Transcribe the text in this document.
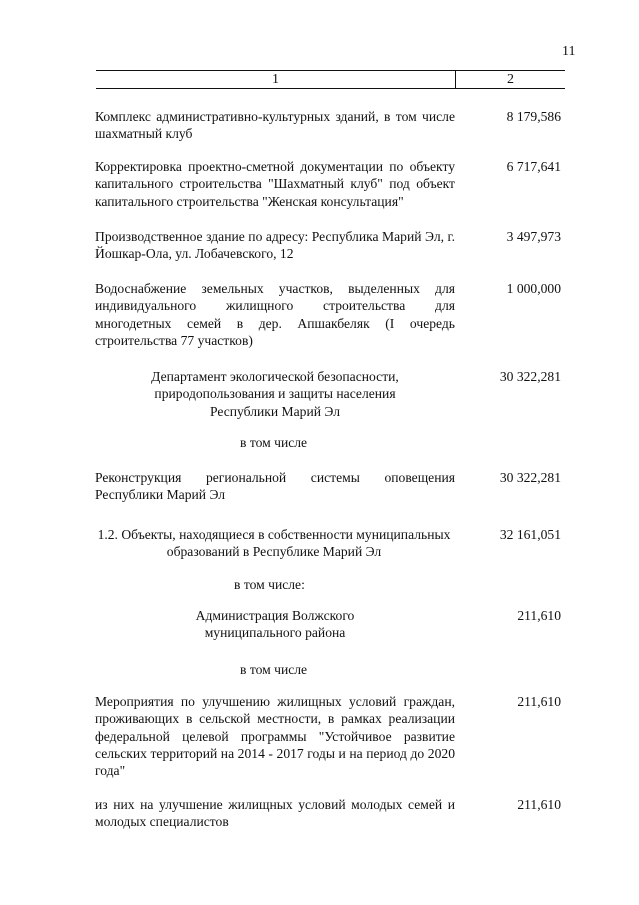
11
1	2
Комплекс административно-культурных зданий, в том числе шахматный клуб
8 179,586
Корректировка проектно-сметной документации по объекту капитального строительства "Шахматный клуб" под объект капитального строительства "Женская консультация"
6 717,641
Производственное здание по адресу: Республика Марий Эл, г. Йошкар-Ола, ул. Лобачевского, 12
3 497,973
Водоснабжение земельных участков, выделенных для индивидуального жилищного строительства для многодетных семей в дер. Апшакбеляк (I очередь строительства 77 участков)
1 000,000
Департамент экологической безопасности, природопользования и защиты населения Республики Марий Эл
30 322,281
в том числе
Реконструкция региональной системы оповещения Республики Марий Эл
30 322,281
1.2. Объекты, находящиеся в собственности муниципальных образований в Республике Марий Эл
32 161,051
в том числе:
Администрация Волжского муниципального района
211,610
в том числе
Мероприятия по улучшению жилищных условий граждан, проживающих в сельской местности, в рамках реализации федеральной целевой программы "Устойчивое развитие сельских территорий на 2014 - 2017 годы и на период до 2020 года"
211,610
из них на улучшение жилищных условий молодых семей и молодых специалистов
211,610
